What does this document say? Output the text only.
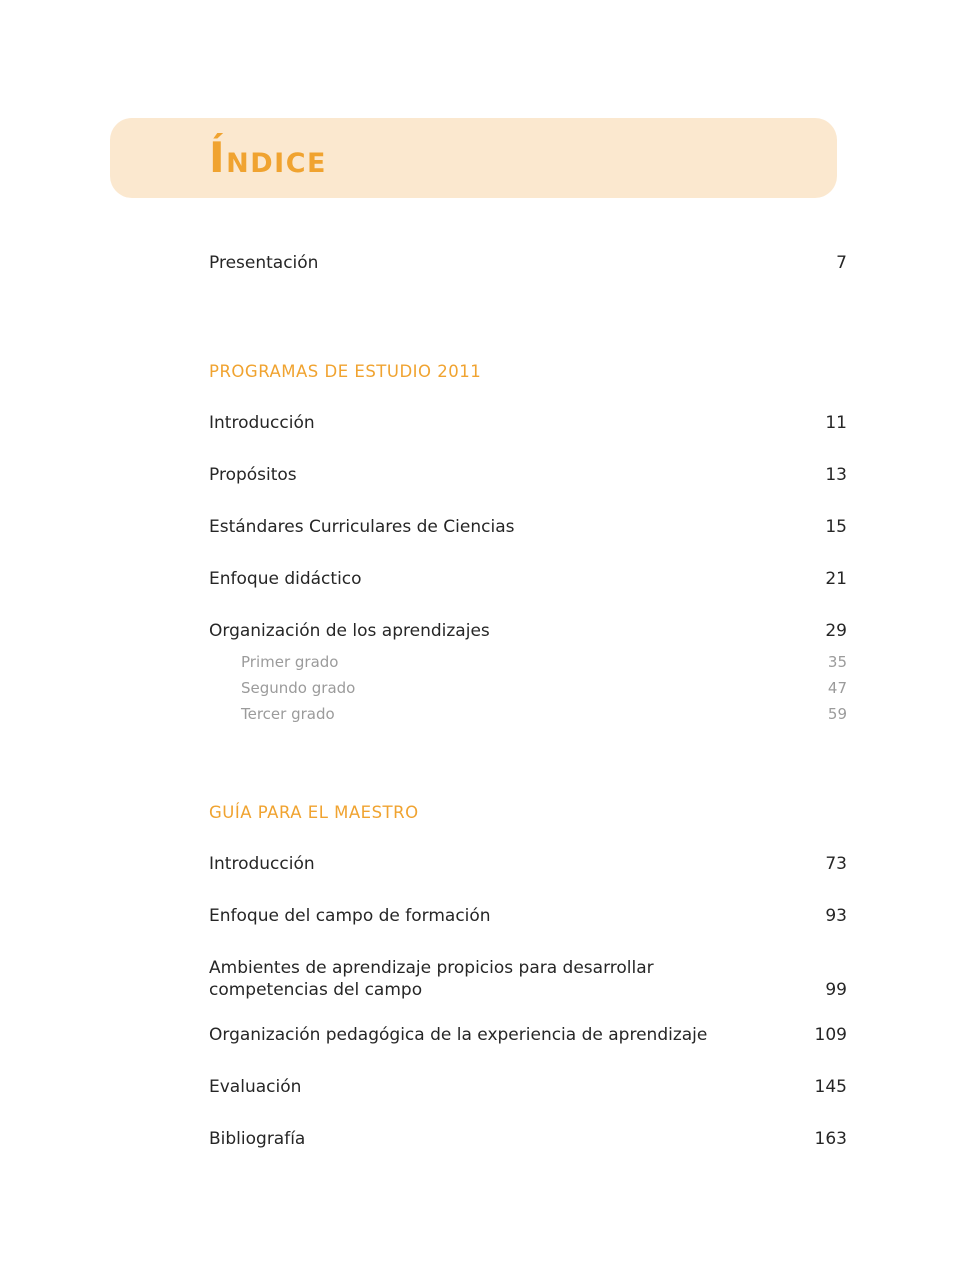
ÍNDICE
Presentación	7
PROGRAMAS DE ESTUDIO 2011
Introducción	11
Propósitos	13
Estándares Curriculares de Ciencias	15
Enfoque didáctico	21
Organización de los aprendizajes	29
Primer grado	35
Segundo grado	47
Tercer grado	59
GUÍA PARA EL MAESTRO
Introducción	73
Enfoque del campo de formación	93
Ambientes de aprendizaje propicios para desarrollar competencias del campo	99
Organización pedagógica de la experiencia de aprendizaje	109
Evaluación	145
Bibliografía	163
